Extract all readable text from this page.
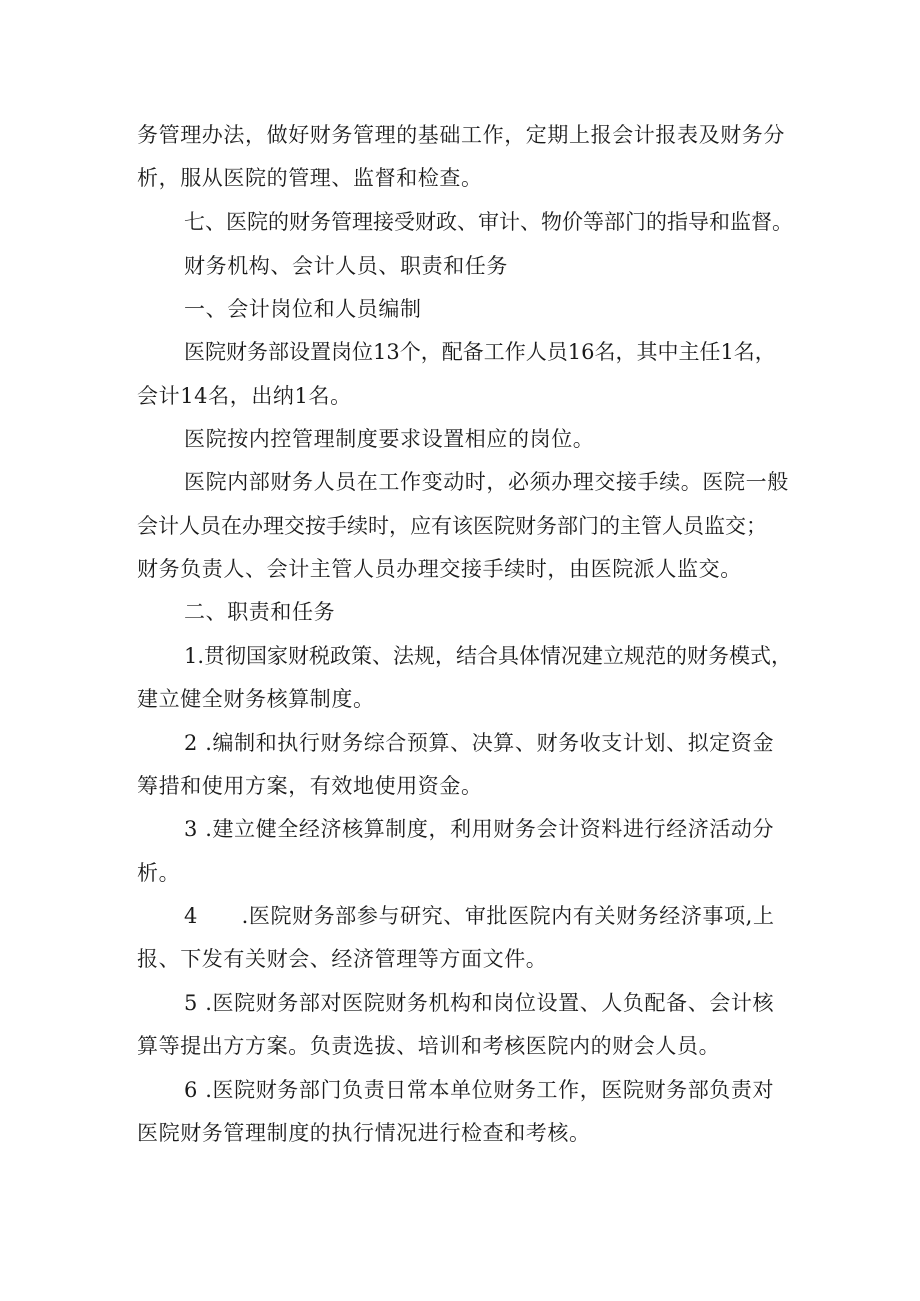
务管理办法，做好财务管理的基础工作，定期上报会计报表及财务分
析，服从医院的管理、监督和检查。
七、医院的财务管理接受财政、审计、物价等部门的指导和监督。
财务机构、会计人员、职责和任务
一、会计岗位和人员编制
医院财务部设置岗位13个，配备工作人员16名，其中主任1名，
会计14名，出纳1名。
医院按内控管理制度要求设置相应的岗位。
医院内部财务人员在工作变动时，必须办理交接手续。医院一般
会计人员在办理交按手续时，应有该医院财务部门的主管人员监交；
财务负责人、会计主管人员办理交接手续时，由医院派人监交。
二、职责和任务
1.贯彻国家财税政策、法规，结合具体情况建立规范的财务模式，
建立健全财务核算制度。
2 .编制和执行财务综合预算、决算、财务收支计划、拟定资金
筹措和使用方案，有效地使用资金。
3 .建立健全经济核算制度，利用财务会计资料进行经济活动分
析。
4      .医院财务部参与研究、审批医院内有关财务经济事项,上
报、下发有关财会、经济管理等方面文件。
5 .医院财务部对医院财务机构和岗位设置、人负配备、会计核
算等提出方方案。负责选拔、培训和考核医院内的财会人员。
6 .医院财务部门负责日常本单位财务工作，医院财务部负责对
医院财务管理制度的执行情况进行检查和考核。
